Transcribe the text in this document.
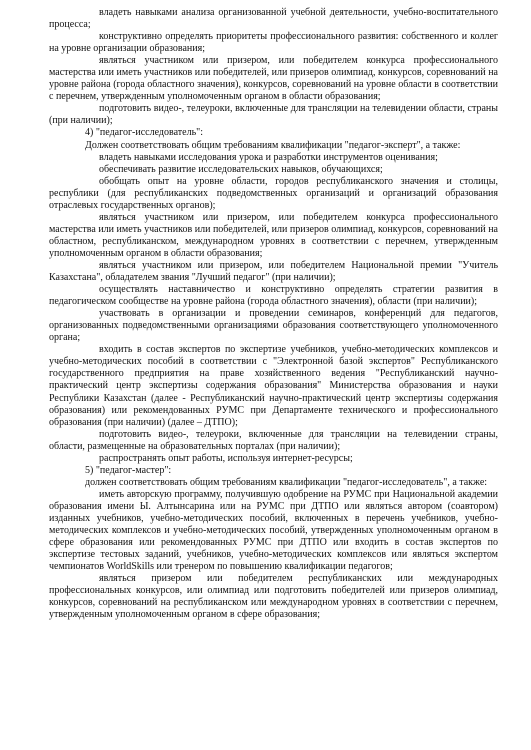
владеть навыками анализа организованной учебной деятельности, учебно-воспитательного процесса;

конструктивно определять приоритеты профессионального развития: собственного и коллег на уровне организации образования;

являться участником или призером, или победителем конкурса профессионального мастерства или иметь участников или победителей, или призеров олимпиад, конкурсов, соревнований на уровне района (города областного значения), конкурсов, соревнований на уровне области в соответствии с перечнем, утвержденным уполномоченным органом в области образования;

подготовить видео-, телеуроки, включенные для трансляции на телевидении области, страны (при наличии);

4) "педагог-исследователь":

Должен соответствовать общим требованиям квалификации "педагог-эксперт", а также:

владеть навыками исследования урока и разработки инструментов оценивания;

обеспечивать развитие исследовательских навыков, обучающихся;

обобщать опыт на уровне области, городов республиканского значения и столицы, республики (для республиканских подведомственных организаций и организаций образования отраслевых государственных органов);

являться участником или призером, или победителем конкурса профессионального мастерства или иметь участников или победителей, или призеров олимпиад, конкурсов, соревнований на областном, республиканском, международном уровнях в соответствии с перечнем, утвержденным уполномоченным органом в области образования;

являться участником или призером, или победителем Национальной премии "Учитель Казахстана", обладателем звания "Лучший педагог" (при наличии);

осуществлять наставничество и конструктивно определять стратегии развития в педагогическом сообществе на уровне района (города областного значения), области (при наличии);

участвовать в организации и проведении семинаров, конференций для педагогов, организованных подведомственными организациями образования соответствующего уполномоченного органа;

входить в состав экспертов по экспертизе учебников, учебно-методических комплексов и учебно-методических пособий в соответствии с "Электронной базой экспертов" Республиканского государственного предприятия на праве хозяйственного ведения "Республиканский научно-практический центр экспертизы содержания образования" Министерства образования и науки Республики Казахстан (далее - Республиканский научно-практический центр экспертизы содержания образования) или рекомендованных РУМС при Департаменте технического и профессионального образования (при наличии) (далее – ДТПО);

подготовить видео-, телеуроки, включенные для трансляции на телевидении страны, области, размещенные на образовательных порталах (при наличии);

распространять опыт работы, используя интернет-ресурсы;

5) "педагог-мастер":

должен соответствовать общим требованиям квалификации "педагог-исследователь", а также:

иметь авторскую программу, получившую одобрение на РУМС при Национальной академии образования имени Ы. Алтынсарина или на РУМС при ДТПО или являться автором (соавтором) изданных учебников, учебно-методических пособий, включенных в перечень учебников, учебно-методических комплексов и учебно-методических пособий, утвержденных уполномоченным органом в сфере образования или рекомендованных РУМС при ДТПО или входить в состав экспертов по экспертизе тестовых заданий, учебников, учебно-методических комплексов или являться экспертом чемпионатов WorldSkills или тренером по повышению квалификации педагогов;

являться призером или победителем республиканских или международных профессиональных конкурсов, или олимпиад или подготовить победителей или призеров олимпиад, конкурсов, соревнований на республиканском или международном уровнях в соответствии с перечнем, утвержденным уполномоченным органом в сфере образования;
